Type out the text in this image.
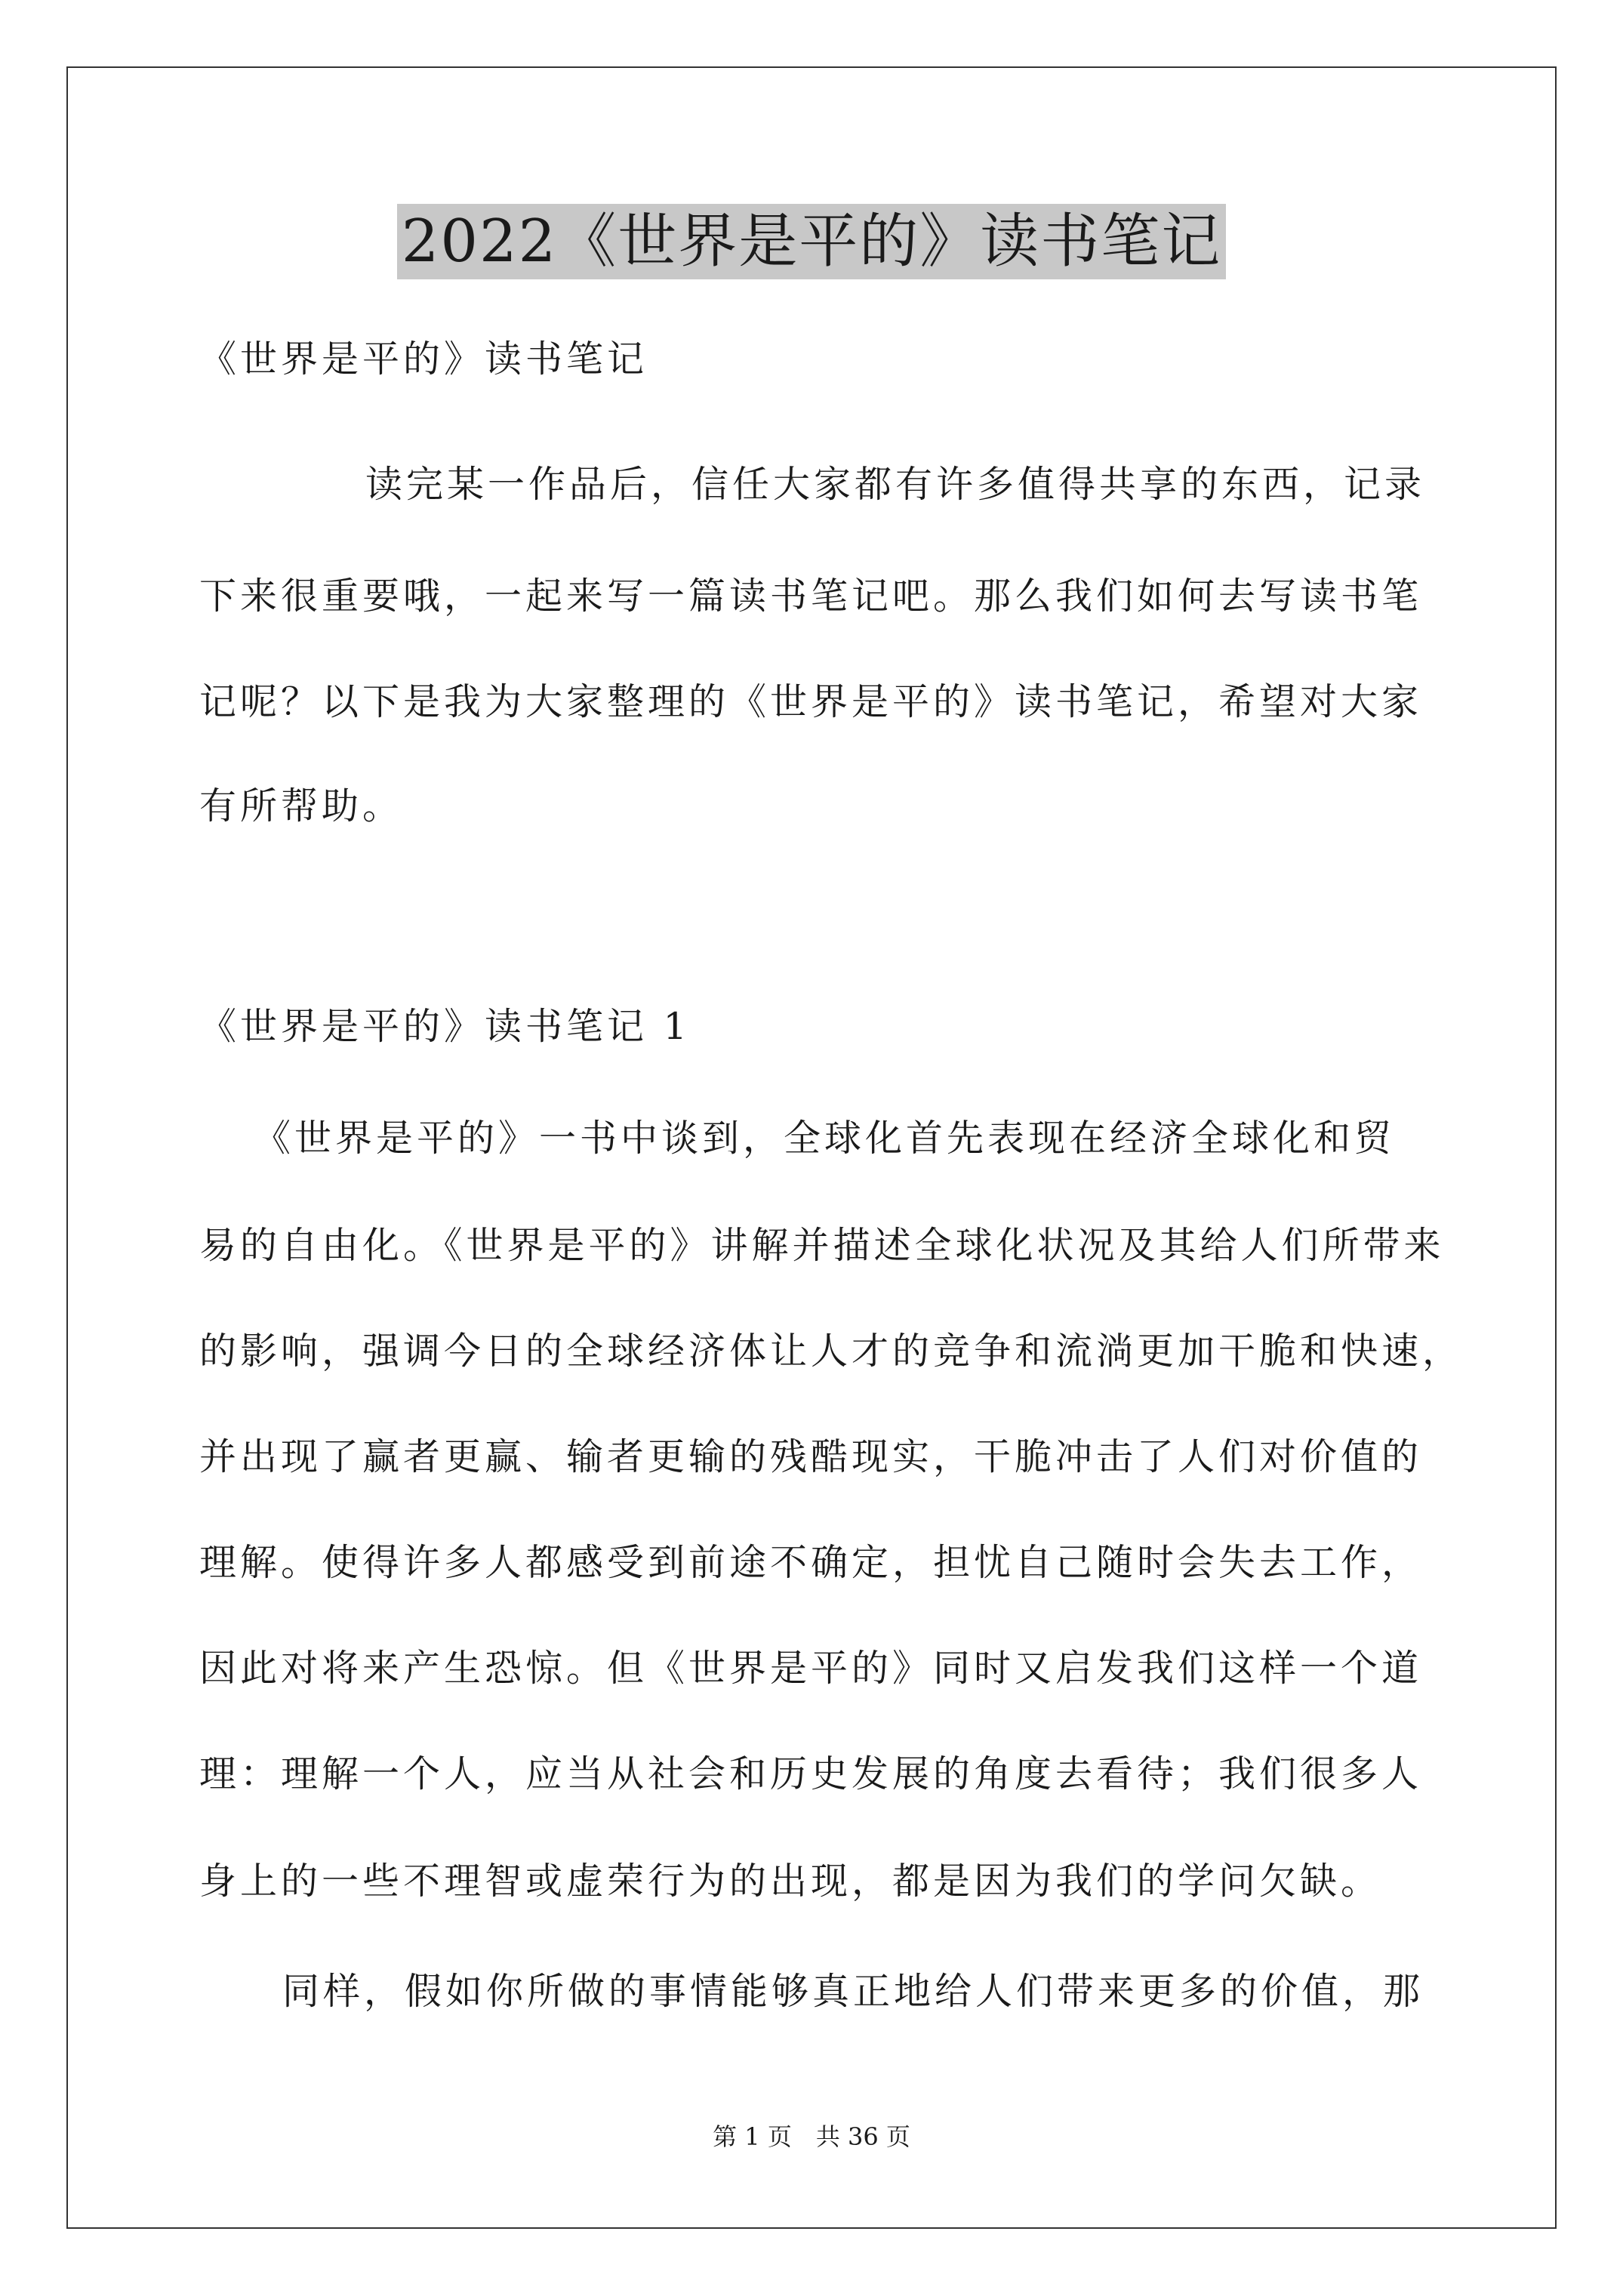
2022《世界是平的》读书笔记
《世界是平的》读书笔记
读完某一作品后，信任大家都有许多值得共享的东西，记录
下来很重要哦，一起来写一篇读书笔记吧。那么我们如何去写读书笔
记呢？以下是我为大家整理的《世界是平的》读书笔记，希望对大家
有所帮助。
《世界是平的》读书笔记 1
《世界是平的》一书中谈到，全球化首先表现在经济全球化和贸
易的自由化。《世界是平的》讲解并描述全球化状况及其给人们所带来
的影响，强调今日的全球经济体让人才的竞争和流淌更加干脆和快速，
并出现了赢者更赢、输者更输的残酷现实，干脆冲击了人们对价值的
理解。使得许多人都感受到前途不确定，担忧自己随时会失去工作，
因此对将来产生恐惊。但《世界是平的》同时又启发我们这样一个道
理：理解一个人，应当从社会和历史发展的角度去看待；我们很多人
身上的一些不理智或虚荣行为的出现，都是因为我们的学问欠缺。
同样，假如你所做的事情能够真正地给人们带来更多的价值，那
第 1 页　共 36 页
